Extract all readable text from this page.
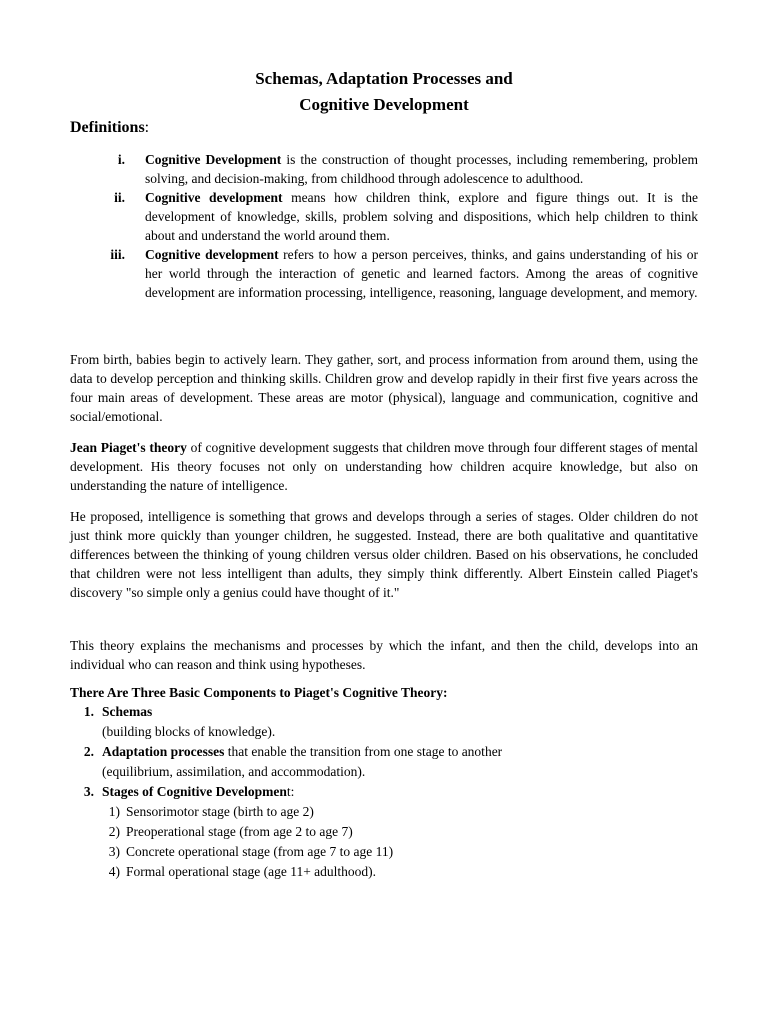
Schemas, Adaptation Processes and
Cognitive Development
Definitions:
i.	Cognitive Development is the construction of thought processes, including remembering, problem solving, and decision-making, from childhood through adolescence to adulthood.
ii.	Cognitive development means how children think, explore and figure things out. It is the development of knowledge, skills, problem solving and dispositions, which help children to think about and understand the world around them.
iii.	Cognitive development refers to how a person perceives, thinks, and gains understanding of his or her world through the interaction of genetic and learned factors. Among the areas of cognitive development are information processing, intelligence, reasoning, language development, and memory.

From birth, babies begin to actively learn. They gather, sort, and process information from around them, using the data to develop perception and thinking skills. Children grow and develop rapidly in their first five years across the four main areas of development. These areas are motor (physical), language and communication, cognitive and social/emotional.

Jean Piaget's theory of cognitive development suggests that children move through four different stages of mental development. His theory focuses not only on understanding how children acquire knowledge, but also on understanding the nature of intelligence.

He proposed, intelligence is something that grows and develops through a series of stages. Older children do not just think more quickly than younger children, he suggested. Instead, there are both qualitative and quantitative differences between the thinking of young children versus older children. Based on his observations, he concluded that children were not less intelligent than adults, they simply think differently. Albert Einstein called Piaget's discovery "so simple only a genius could have thought of it."

This theory explains the mechanisms and processes by which the infant, and then the child, develops into an individual who can reason and think using hypotheses.

There Are Three Basic Components to Piaget's Cognitive Theory:
1. Schemas
(building blocks of knowledge).
2. Adaptation processes that enable the transition from one stage to another
(equilibrium, assimilation, and accommodation).
3. Stages of Cognitive Development:
1) Sensorimotor stage (birth to age 2)
2) Preoperational stage (from age 2 to age 7)
3) Concrete operational stage (from age 7 to age 11)
4) Formal operational stage (age 11+ adulthood).
